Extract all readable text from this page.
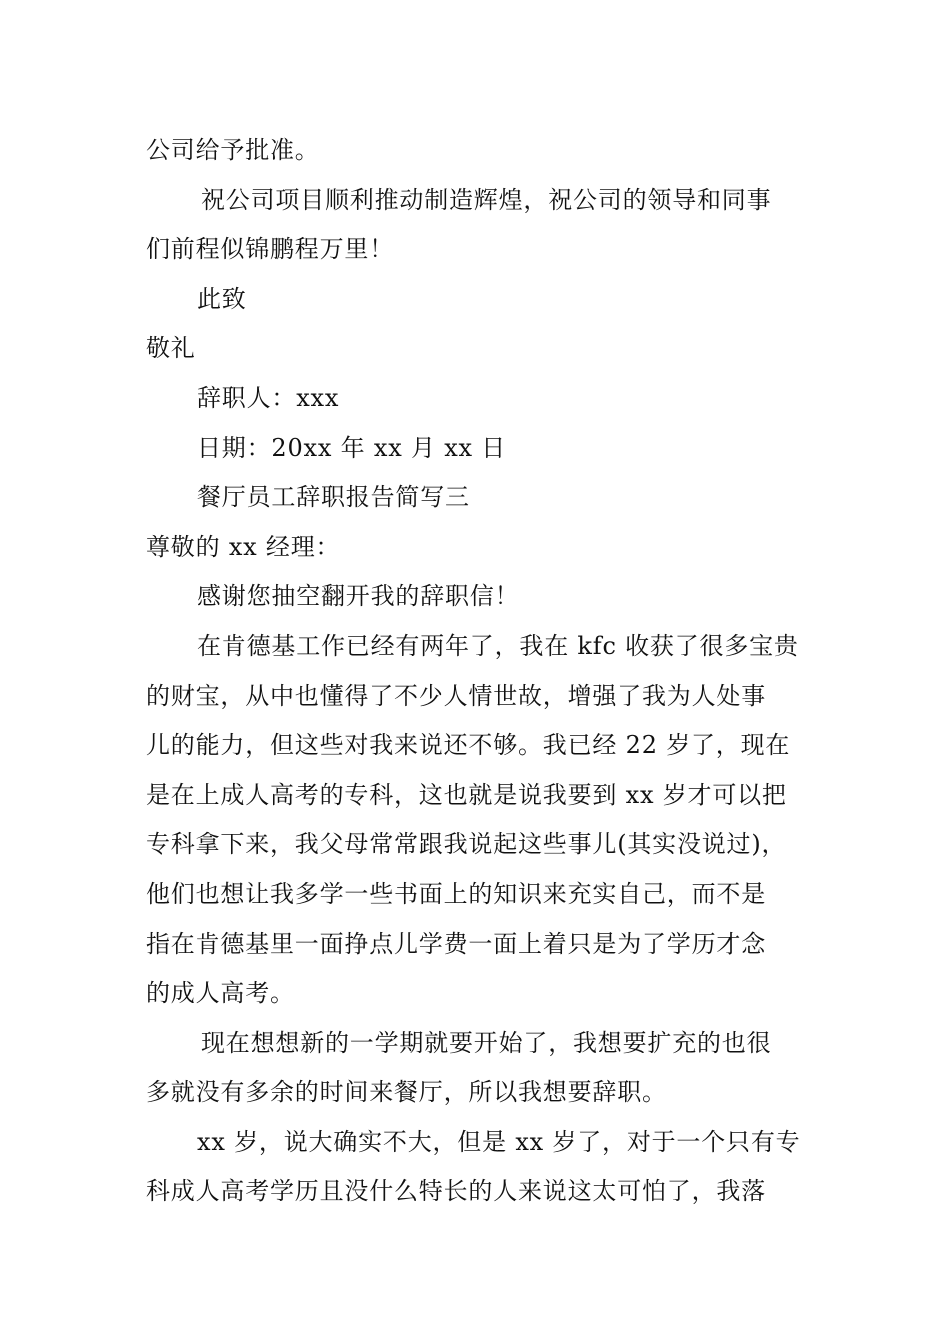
公司给予批准。
祝公司项目顺利推动制造辉煌，祝公司的领导和同事
们前程似锦鹏程万里！
此致
敬礼
辞职人：xxx
日期：20xx 年 xx 月 xx 日
餐厅员工辞职报告简写三
尊敬的 xx 经理：
感谢您抽空翻开我的辞职信！
在肯德基工作已经有两年了，我在 kfc 收获了很多宝贵
的财宝，从中也懂得了不少人情世故，增强了我为人处事
儿的能力，但这些对我来说还不够。我已经 22 岁了，现在
是在上成人高考的专科，这也就是说我要到 xx 岁才可以把
专科拿下来，我父母常常跟我说起这些事儿(其实没说过)，
他们也想让我多学一些书面上的知识来充实自己，而不是
指在肯德基里一面挣点儿学费一面上着只是为了学历才念
的成人高考。
现在想想新的一学期就要开始了，我想要扩充的也很
多就没有多余的时间来餐厅，所以我想要辞职。
xx 岁，说大确实不大，但是 xx 岁了，对于一个只有专
科成人高考学历且没什么特长的人来说这太可怕了，我落
